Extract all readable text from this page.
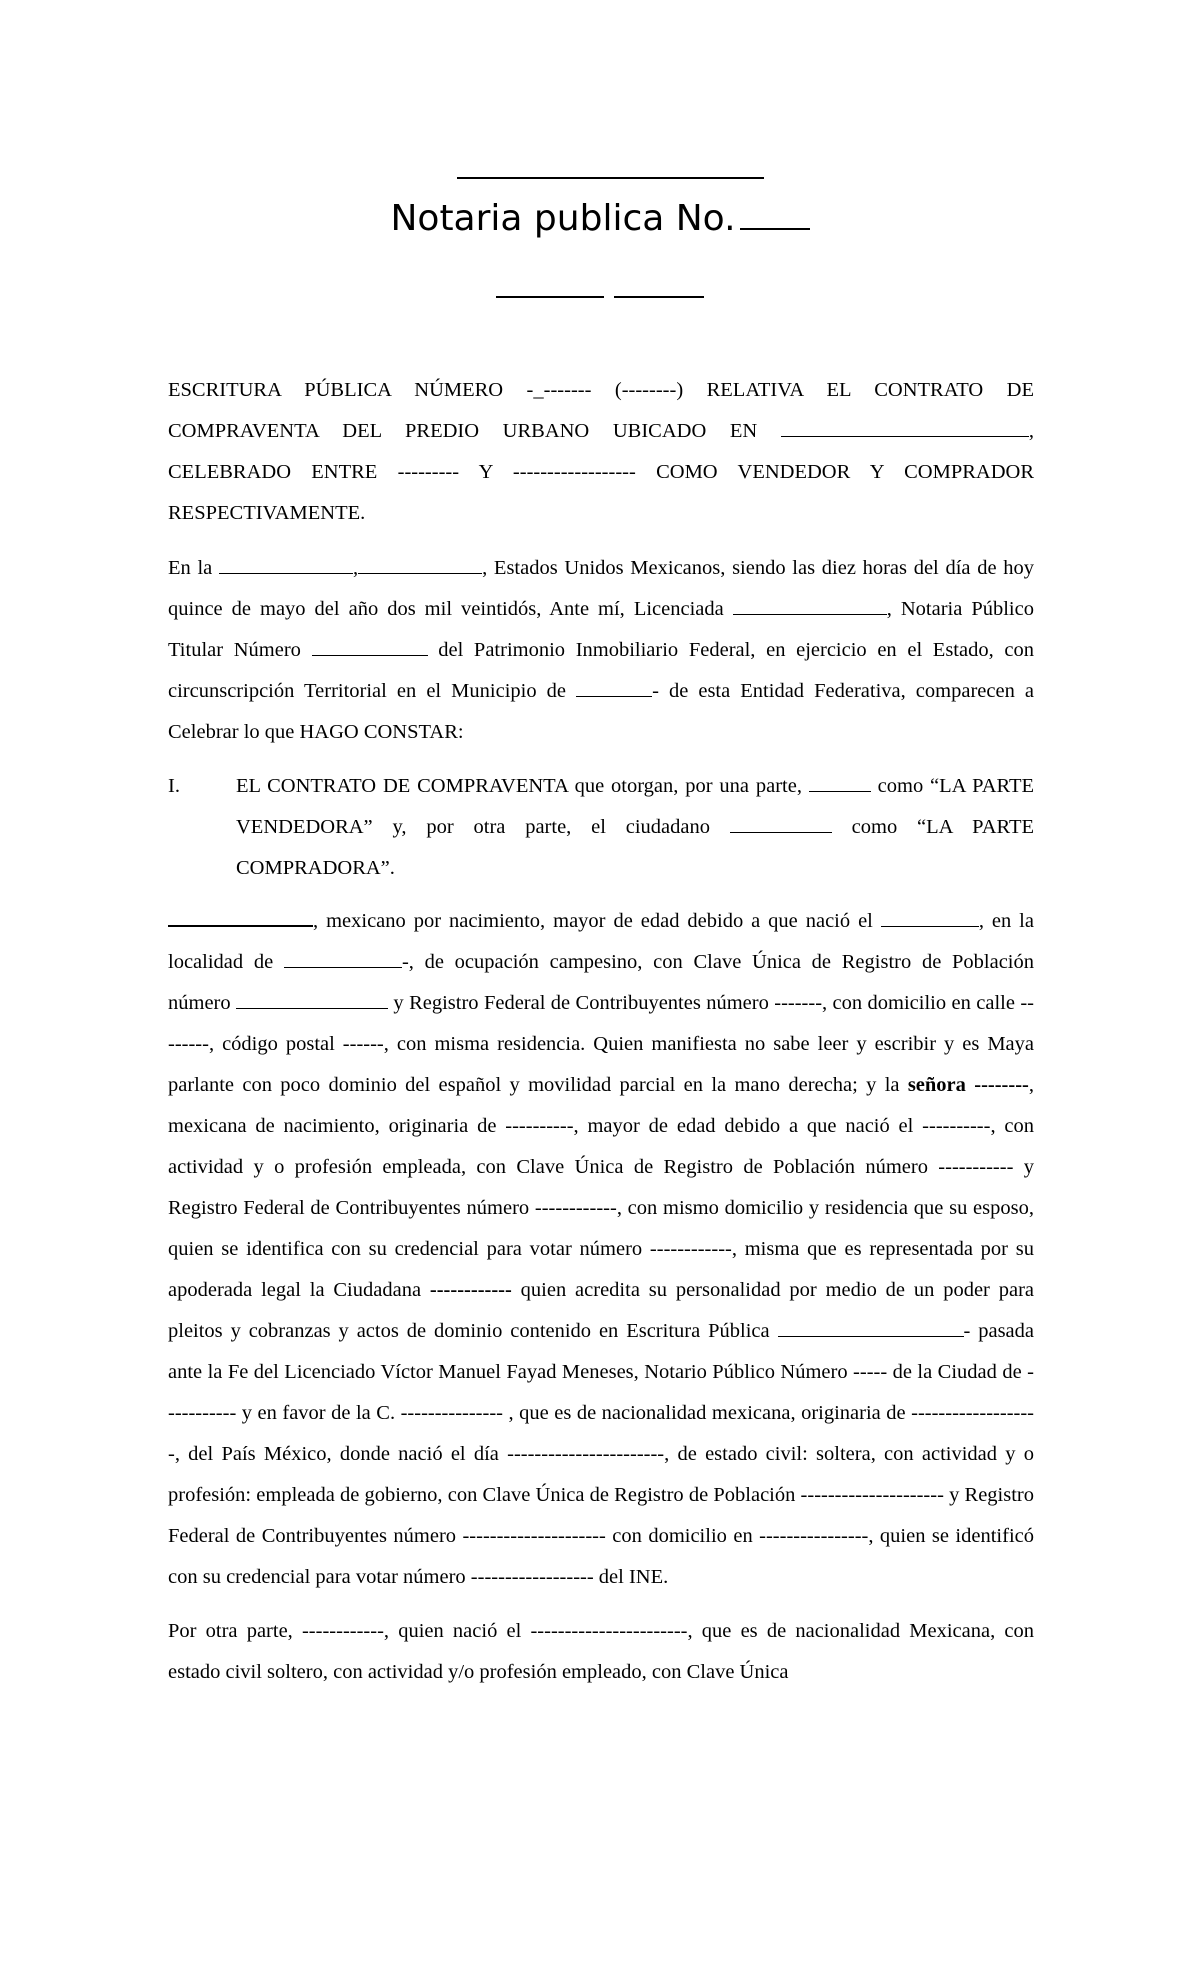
Notaria publica No.

ESCRITURA PÚBLICA NÚMERO -_------- (--------) RELATIVA EL CONTRATO DE COMPRAVENTA DEL PREDIO URBANO UBICADO EN	, CELEBRADO ENTRE --------- Y ------------------ COMO VENDEDOR Y COMPRADOR RESPECTIVAMENTE.

En la	,	, Estados Unidos Mexicanos, siendo las diez horas del día de hoy quince de mayo del año dos mil veintidós, Ante mí, Licenciada	, Notaria Público Titular Número	del Patrimonio Inmobiliario Federal, en ejercicio en el Estado, con circunscripción Territorial en el Municipio de	- de esta Entidad Federativa, comparecen a Celebrar lo que HAGO CONSTAR:

I.	EL CONTRATO DE COMPRAVENTA que otorgan, por una parte,	como “LA PARTE VENDEDORA” y, por otra parte, el ciudadano	como “LA PARTE COMPRADORA”.

, mexicano por nacimiento, mayor de edad debido a que nació el	, en la localidad de	-, de ocupación campesino, con Clave Única de Registro de Población número	y Registro Federal de Contribuyentes número -------, con domicilio en calle --------, código postal ------, con misma residencia. Quien manifiesta no sabe leer y escribir y es Maya parlante con poco dominio del español y movilidad parcial en la mano derecha; y la señora --------, mexicana de nacimiento, originaria de ----------, mayor de edad debido a que nació el ----------, con actividad y o profesión empleada, con Clave Única de Registro de Población número ----------- y Registro Federal de Contribuyentes número ------------, con mismo domicilio y residencia que su esposo, quien se identifica con su credencial para votar número ------------, misma que es representada por su apoderada legal la Ciudadana ------------ quien acredita su personalidad por medio de un poder para pleitos y cobranzas y actos de dominio contenido en Escritura Pública	- pasada ante la Fe del Licenciado Víctor Manuel Fayad Meneses, Notario Público Número ----- de la Ciudad de ----------- y en favor de la C. --------------- , que es de nacionalidad mexicana, originaria de -------------------, del País México, donde nació el día -----------------------, de estado civil: soltera, con actividad y o profesión: empleada de gobierno, con Clave Única de Registro de Población --------------------- y Registro Federal de Contribuyentes número --------------------- con domicilio en ----------------, quien se identificó con su credencial para votar número ------------------ del INE.

Por otra parte, ------------, quien nació el -----------------------, que es de nacionalidad Mexicana, con estado civil soltero, con actividad y/o profesión empleado, con Clave Única
